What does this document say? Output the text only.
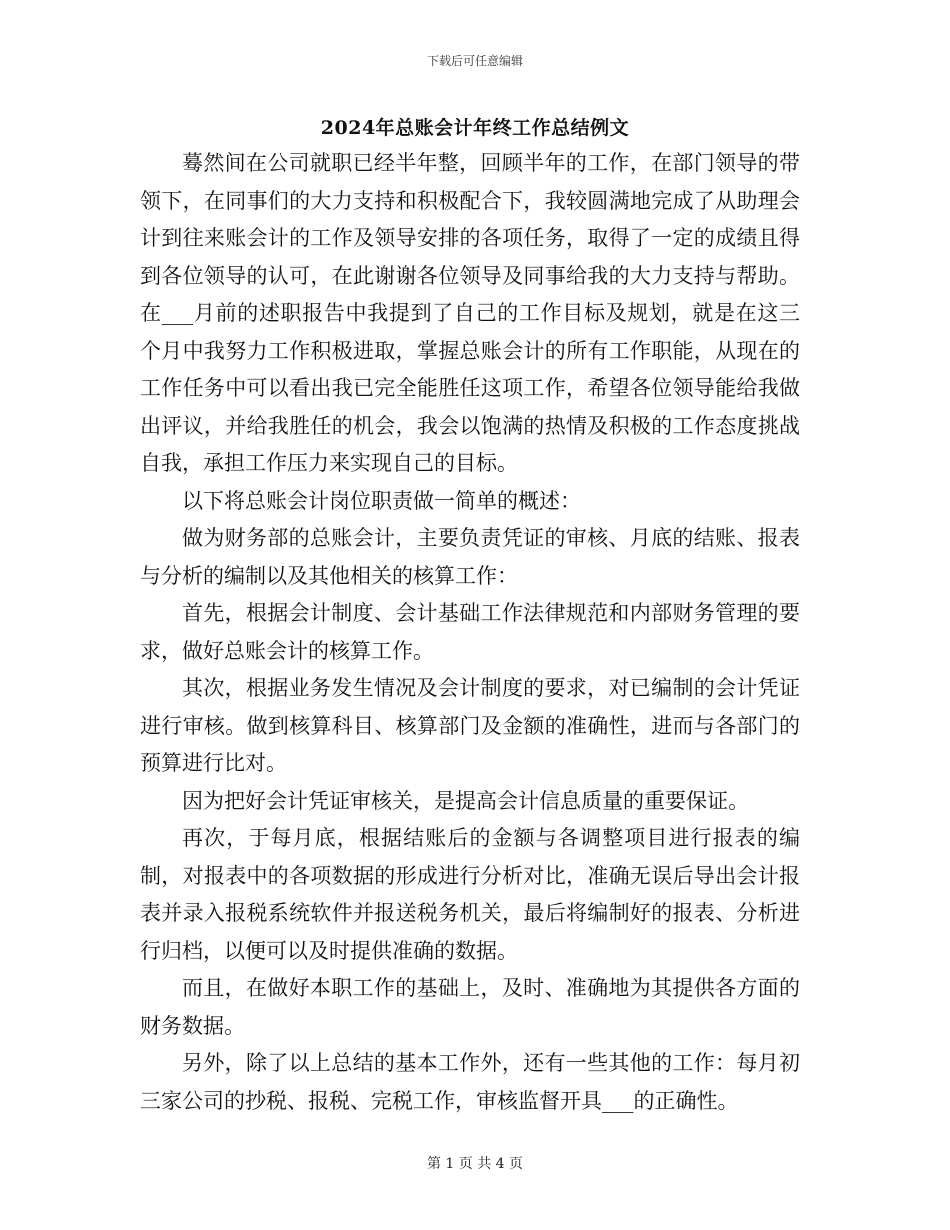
下载后可任意编辑
2024年总账会计年终工作总结例文

蓦然间在公司就职已经半年整，回顾半年的工作，在部门领导的带领下，在同事们的大力支持和积极配合下，我较圆满地完成了从助理会计到往来账会计的工作及领导安排的各项任务，取得了一定的成绩且得到各位领导的认可，在此谢谢各位领导及同事给我的大力支持与帮助。在___月前的述职报告中我提到了自己的工作目标及规划，就是在这三个月中我努力工作积极进取，掌握总账会计的所有工作职能，从现在的工作任务中可以看出我已完全能胜任这项工作，希望各位领导能给我做出评议，并给我胜任的机会，我会以饱满的热情及积极的工作态度挑战自我，承担工作压力来实现自己的目标。

以下将总账会计岗位职责做一简单的概述：

做为财务部的总账会计，主要负责凭证的审核、月底的结账、报表与分析的编制以及其他相关的核算工作：

首先，根据会计制度、会计基础工作法律规范和内部财务管理的要求，做好总账会计的核算工作。

其次，根据业务发生情况及会计制度的要求，对已编制的会计凭证进行审核。做到核算科目、核算部门及金额的准确性，进而与各部门的预算进行比对。

因为把好会计凭证审核关，是提高会计信息质量的重要保证。

再次，于每月底，根据结账后的金额与各调整项目进行报表的编制，对报表中的各项数据的形成进行分析对比，准确无误后导出会计报表并录入报税系统软件并报送税务机关，最后将编制好的报表、分析进行归档，以便可以及时提供准确的数据。

而且，在做好本职工作的基础上，及时、准确地为其提供各方面的财务数据。

另外，除了以上总结的基本工作外，还有一些其他的工作：每月初三家公司的抄税、报税、完税工作，审核监督开具___的正确性。

第 1 页 共 4 页
